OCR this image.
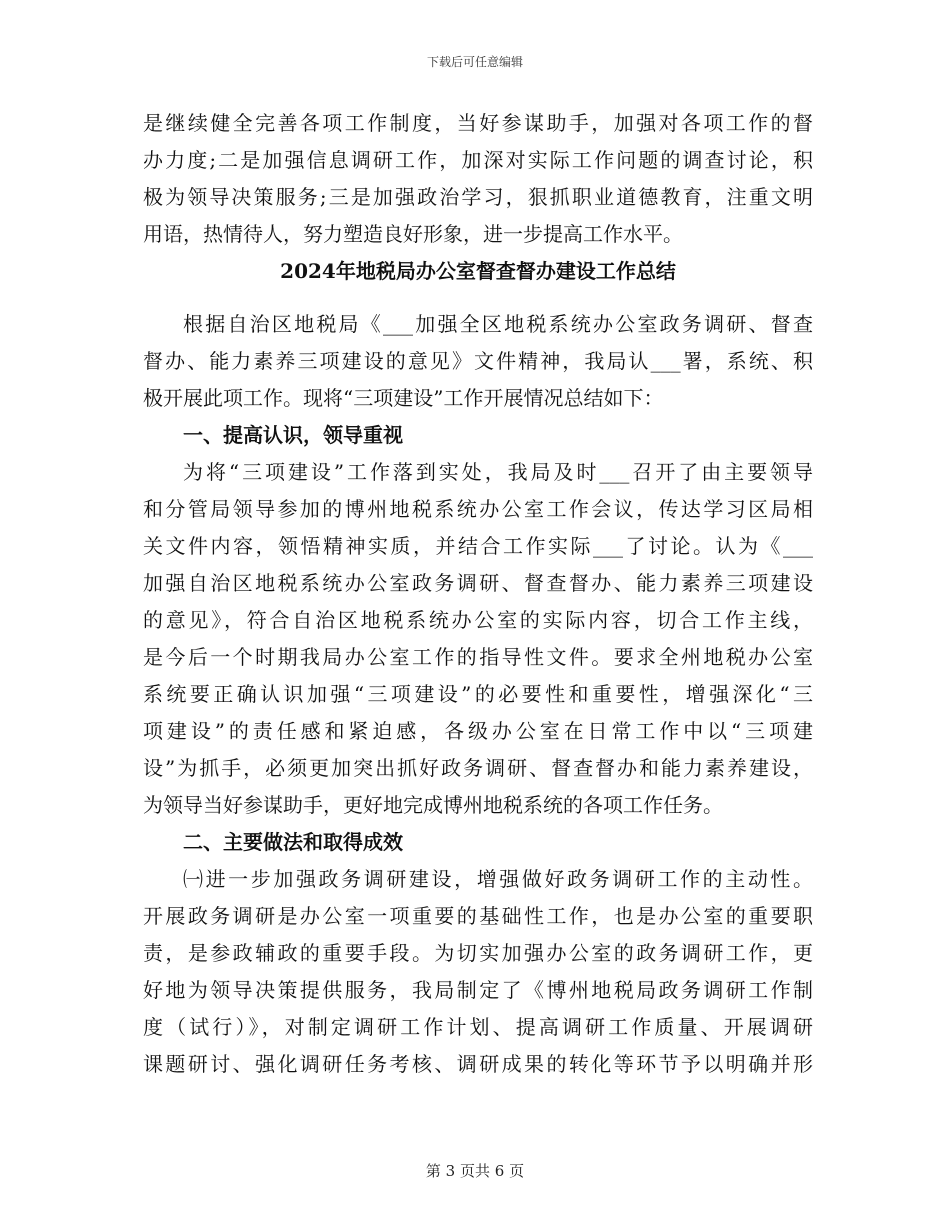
下载后可任意编辑
是继续健全完善各项工作制度，当好参谋助手，加强对各项工作的督
办力度;二是加强信息调研工作，加深对实际工作问题的调查讨论，积
极为领导决策服务;三是加强政治学习，狠抓职业道德教育，注重文明
用语，热情待人，努力塑造良好形象，进一步提高工作水平。
2024年地税局办公室督查督办建设工作总结
根据自治区地税局《___加强全区地税系统办公室政务调研、督查
督办、能力素养三项建设的意见》文件精神，我局认___署，系统、积
极开展此项工作。现将“三项建设”工作开展情况总结如下：
一、提高认识，领导重视
为将“三项建设”工作落到实处，我局及时___召开了由主要领导
和分管局领导参加的博州地税系统办公室工作会议，传达学习区局相
关文件内容，领悟精神实质，并结合工作实际___了讨论。认为《___
加强自治区地税系统办公室政务调研、督查督办、能力素养三项建设
的意见》，符合自治区地税系统办公室的实际内容，切合工作主线，
是今后一个时期我局办公室工作的指导性文件。要求全州地税办公室
系统要正确认识加强“三项建设”的必要性和重要性，增强深化“三
项建设”的责任感和紧迫感，各级办公室在日常工作中以“三项建
设”为抓手，必须更加突出抓好政务调研、督查督办和能力素养建设，
为领导当好参谋助手，更好地完成博州地税系统的各项工作任务。
二、主要做法和取得成效
㈠进一步加强政务调研建设，增强做好政务调研工作的主动性。
开展政务调研是办公室一项重要的基础性工作，也是办公室的重要职
责，是参政辅政的重要手段。为切实加强办公室的政务调研工作，更
好地为领导决策提供服务，我局制定了《博州地税局政务调研工作制
度（试行）》，对制定调研工作计划、提高调研工作质量、开展调研
课题研讨、强化调研任务考核、调研成果的转化等环节予以明确并形
第 3 页共 6 页
